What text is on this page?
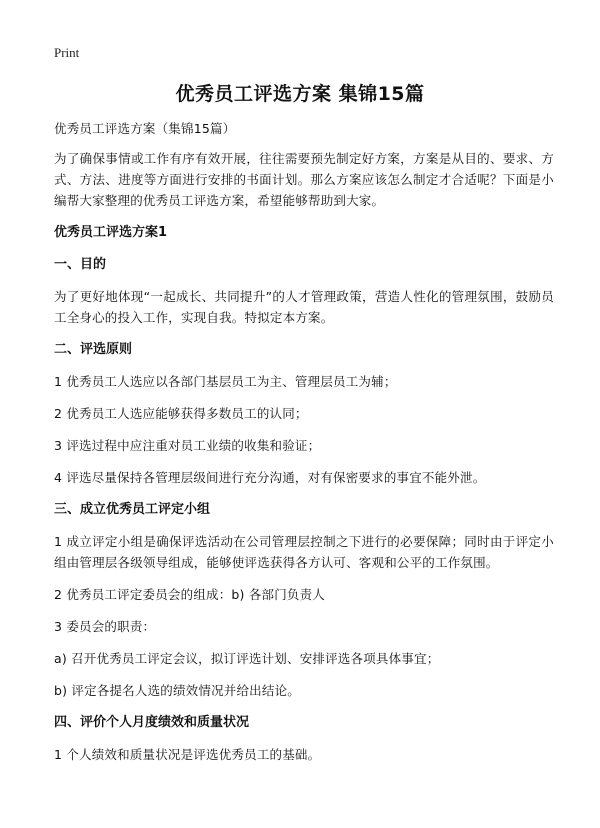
Print
优秀员工评选方案 集锦15篇

优秀员工评选方案（集锦15篇）

为了确保事情或工作有序有效开展，往往需要预先制定好方案，方案是从目的、要求、方式、方法、进度等方面进行安排的书面计划。那么方案应该怎么制定才合适呢？下面是小编帮大家整理的优秀员工评选方案，希望能够帮助到大家。

优秀员工评选方案1
一、目的

为了更好地体现“一起成长、共同提升”的人才管理政策，营造人性化的管理氛围，鼓励员工全身心的投入工作，实现自我。特拟定本方案。

二、评选原则

1 优秀员工人选应以各部门基层员工为主、管理层员工为辅；

2 优秀员工人选应能够获得多数员工的认同；

3 评选过程中应注重对员工业绩的收集和验证；

4 评选尽量保持各管理层级间进行充分沟通，对有保密要求的事宜不能外泄。

三、成立优秀员工评定小组

1 成立评定小组是确保评选活动在公司管理层控制之下进行的必要保障；同时由于评定小组由管理层各级领导组成，能够使评选获得各方认可、客观和公平的工作氛围。

2 优秀员工评定委员会的组成：b) 各部门负责人

3 委员会的职责：

a) 召开优秀员工评定会议，拟订评选计划、安排评选各项具体事宜；

b) 评定各提名人选的绩效情况并给出结论。

四、评价个人月度绩效和质量状况

1 个人绩效和质量状况是评选优秀员工的基础。
